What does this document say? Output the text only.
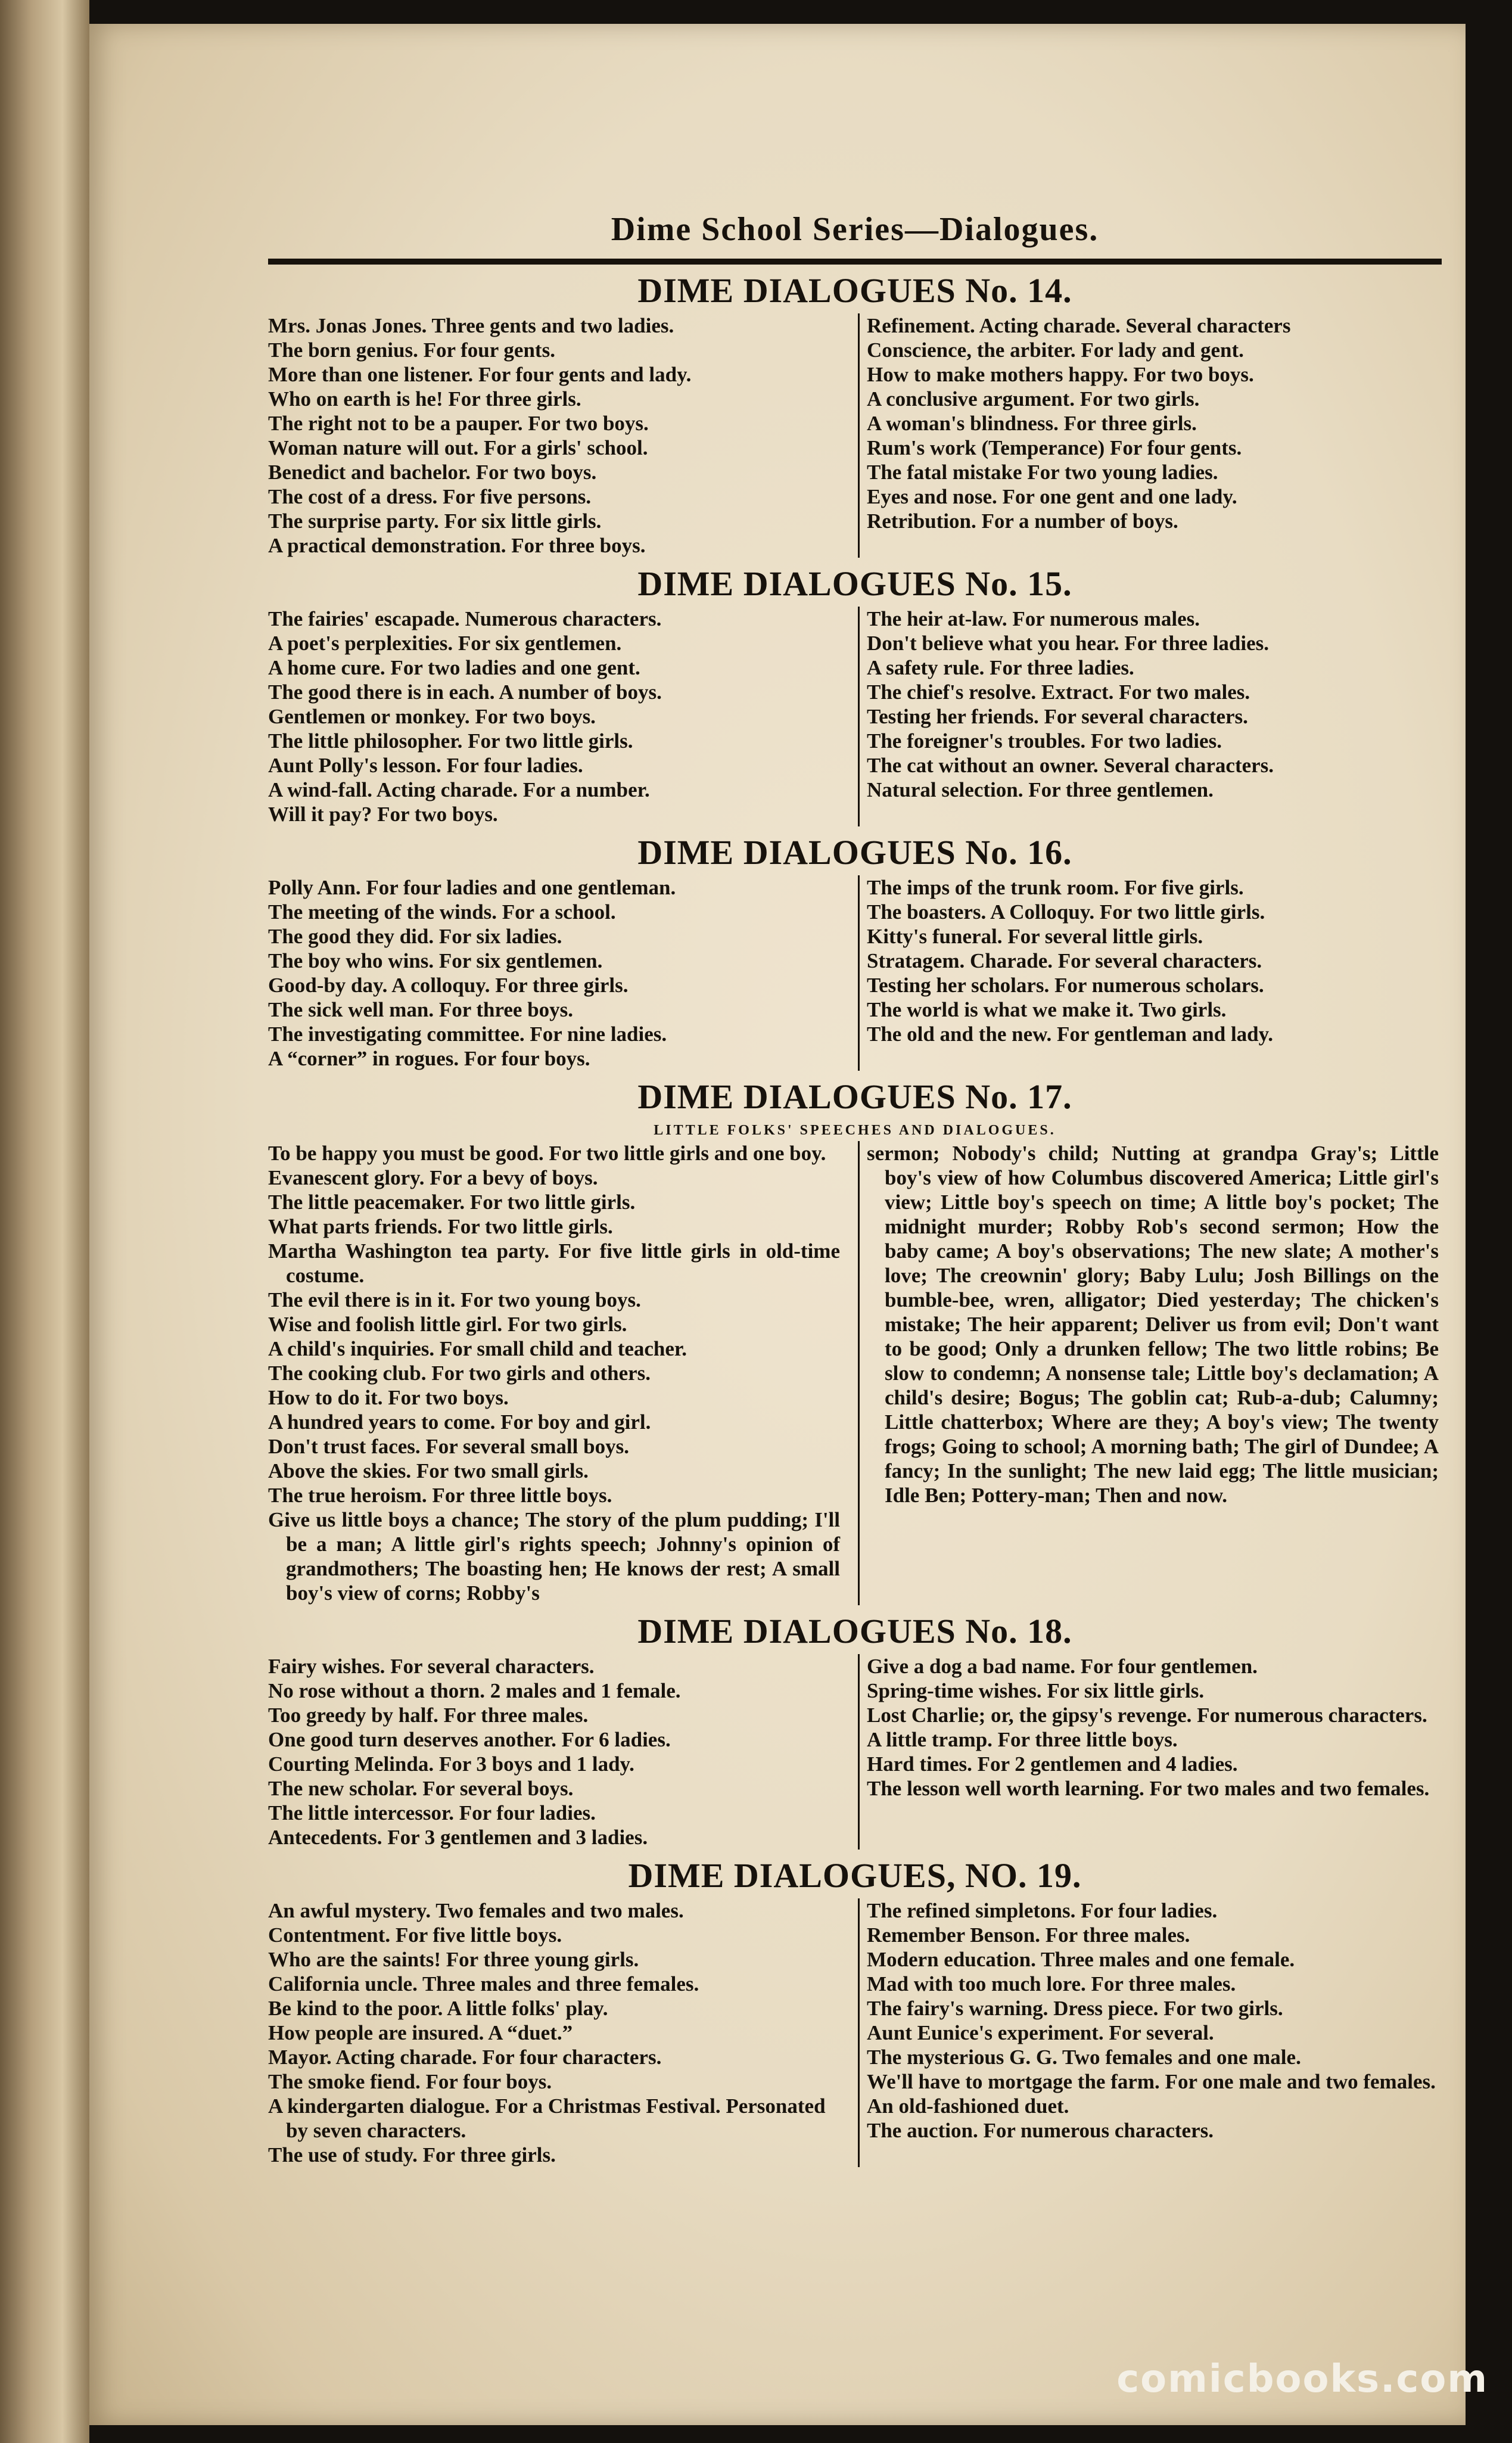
Dime School Series—Dialogues.
DIME DIALOGUES No. 14.
Mrs. Jonas Jones. Three gents and two ladies.
The born genius. For four gents.
More than one listener. For four gents and lady.
Who on earth is he! For three girls.
The right not to be a pauper. For two boys.
Woman nature will out. For a girls' school.
Benedict and bachelor. For two boys.
The cost of a dress. For five persons.
The surprise party. For six little girls.
A practical demonstration. For three boys.
Refinement. Acting charade. Several characters
Conscience, the arbiter. For lady and gent.
How to make mothers happy. For two boys.
A conclusive argument. For two girls.
A woman's blindness. For three girls.
Rum's work (Temperance) For four gents.
The fatal mistake For two young ladies.
Eyes and nose. For one gent and one lady.
Retribution. For a number of boys.
DIME DIALOGUES No. 15.
The fairies' escapade. Numerous characters.
A poet's perplexities. For six gentlemen.
A home cure. For two ladies and one gent.
The good there is in each. A number of boys.
Gentlemen or monkey. For two boys.
The little philosopher. For two little girls.
Aunt Polly's lesson. For four ladies.
A wind-fall. Acting charade. For a number.
Will it pay? For two boys.
The heir at-law. For numerous males.
Don't believe what you hear. For three ladies.
A safety rule. For three ladies.
The chief's resolve. Extract. For two males.
Testing her friends. For several characters.
The foreigner's troubles. For two ladies.
The cat without an owner. Several characters.
Natural selection. For three gentlemen.
DIME DIALOGUES No. 16.
Polly Ann. For four ladies and one gentleman.
The meeting of the winds. For a school.
The good they did. For six ladies.
The boy who wins. For six gentlemen.
Good-by day. A colloquy. For three girls.
The sick well man. For three boys.
The investigating committee. For nine ladies.
A “corner” in rogues. For four boys.
The imps of the trunk room. For five girls.
The boasters. A Colloquy. For two little girls.
Kitty's funeral. For several little girls.
Stratagem. Charade. For several characters.
Testing her scholars. For numerous scholars.
The world is what we make it. Two girls.
The old and the new. For gentleman and lady.
DIME DIALOGUES No. 17.
LITTLE FOLKS' SPEECHES AND DIALOGUES.
To be happy you must be good. For two little girls and one boy.
Evanescent glory. For a bevy of boys.
The little peacemaker. For two little girls.
What parts friends. For two little girls.
Martha Washington tea party. For five little girls in old-time costume.
The evil there is in it. For two young boys.
Wise and foolish little girl. For two girls.
A child's inquiries. For small child and teacher.
The cooking club. For two girls and others.
How to do it. For two boys.
A hundred years to come. For boy and girl.
Don't trust faces. For several small boys.
Above the skies. For two small girls.
The true heroism. For three little boys.
Give us little boys a chance; The story of the plum pudding; I'll be a man; A little girl's rights speech; Johnny's opinion of grandmothers; The boasting hen; He knows der rest; A small boy's view of corns; Robby's
sermon; Nobody's child; Nutting at grandpa Gray's; Little boy's view of how Columbus discovered America; Little girl's view; Little boy's speech on time; A little boy's pocket; The midnight murder; Robby Rob's second sermon; How the baby came; A boy's observations; The new slate; A mother's love; The creownin' glory; Baby Lulu; Josh Billings on the bumble-bee, wren, alligator; Died yesterday; The chicken's mistake; The heir apparent; Deliver us from evil; Don't want to be good; Only a drunken fellow; The two little robins; Be slow to condemn; A nonsense tale; Little boy's declamation; A child's desire; Bogus; The goblin cat; Rub-a-dub; Calumny; Little chatterbox; Where are they; A boy's view; The twenty frogs; Going to school; A morning bath; The girl of Dundee; A fancy; In the sunlight; The new laid egg; The little musician; Idle Ben; Pottery-man; Then and now.
DIME DIALOGUES No. 18.
Fairy wishes. For several characters.
No rose without a thorn. 2 males and 1 female.
Too greedy by half. For three males.
One good turn deserves another. For 6 ladies.
Courting Melinda. For 3 boys and 1 lady.
The new scholar. For several boys.
The little intercessor. For four ladies.
Antecedents. For 3 gentlemen and 3 ladies.
Give a dog a bad name. For four gentlemen.
Spring-time wishes. For six little girls.
Lost Charlie; or, the gipsy's revenge. For numerous characters.
A little tramp. For three little boys.
Hard times. For 2 gentlemen and 4 ladies.
The lesson well worth learning. For two males and two females.
DIME DIALOGUES, NO. 19.
An awful mystery. Two females and two males.
Contentment. For five little boys.
Who are the saints! For three young girls.
California uncle. Three males and three females.
Be kind to the poor. A little folks' play.
How people are insured. A “duet.”
Mayor. Acting charade. For four characters.
The smoke fiend. For four boys.
A kindergarten dialogue. For a Christmas Festival. Personated by seven characters.
The use of study. For three girls.
The refined simpletons. For four ladies.
Remember Benson. For three males.
Modern education. Three males and one female.
Mad with too much lore. For three males.
The fairy's warning. Dress piece. For two girls.
Aunt Eunice's experiment. For several.
The mysterious G. G. Two females and one male.
We'll have to mortgage the farm. For one male and two females.
An old-fashioned duet.
The auction. For numerous characters.
comicbooks.com
